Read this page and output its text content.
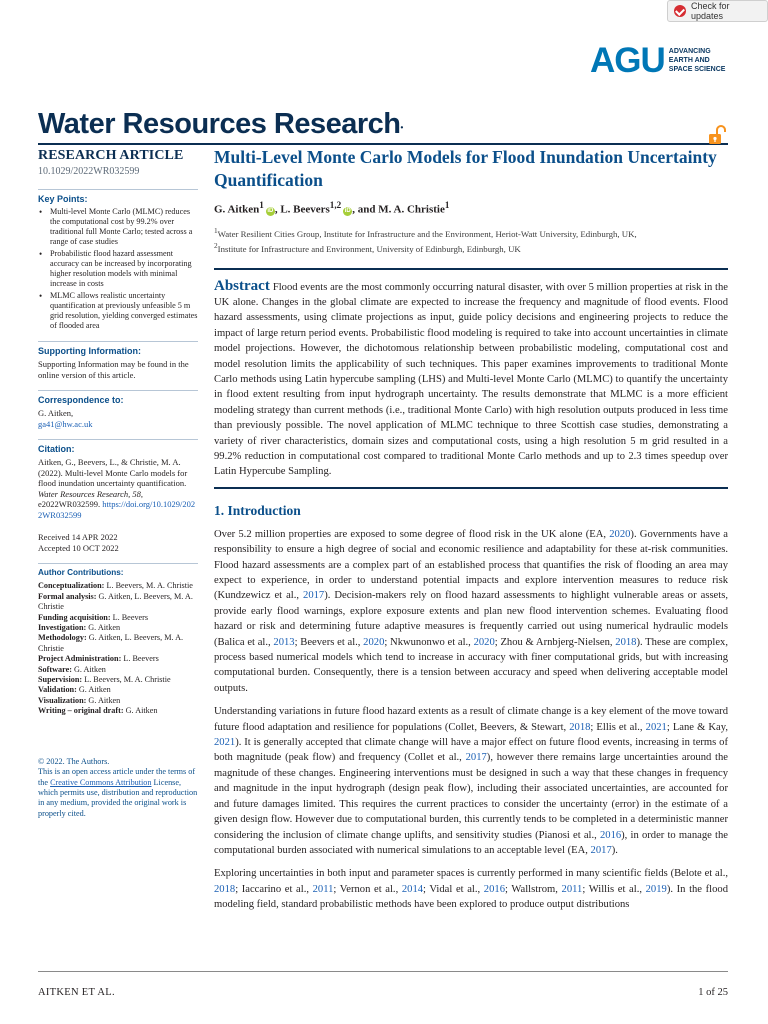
Check for updates
AGU ADVANCING
EARTH AND
SPACE SCIENCE
Water Resources Research•
RESEARCH ARTICLE
10.1029/2022WR032599
Key Points:
• Multi-level Monte Carlo (MLMC) reduces the computational cost by 99.2% over traditional full Monte Carlo; tested across a range of case studies
• Probabilistic flood hazard assessment accuracy can be increased by incorporating higher resolution models with minimal increase in costs
• MLMC allows realistic uncertainty quantification at previously unfeasible 5 m grid resolution, yielding converged estimates of flooded area
Supporting Information:
Supporting Information may be found in the online version of this article.
Correspondence to:
G. Aitken,
ga41@hw.ac.uk
Citation:
Aitken, G., Beevers, L., & Christie, M. A. (2022). Multi-level Monte Carlo models for flood inundation uncertainty quantification. Water Resources Research, 58, e2022WR032599. https://doi.org/10.1029/2022WR032599
Received 14 APR 2022
Accepted 10 OCT 2022
Author Contributions:
Conceptualization: L. Beevers, M. A. Christie
Formal analysis: G. Aitken, L. Beevers, M. A. Christie
Funding acquisition: L. Beevers
Investigation: G. Aitken
Methodology: G. Aitken, L. Beevers, M. A. Christie
Project Administration: L. Beevers
Software: G. Aitken
Supervision: L. Beevers, M. A. Christie
Validation: G. Aitken
Visualization: G. Aitken
Writing – original draft: G. Aitken
© 2022. The Authors.
This is an open access article under the terms of the Creative Commons Attribution License, which permits use, distribution and reproduction in any medium, provided the original work is properly cited.
Multi-Level Monte Carlo Models for Flood Inundation Uncertainty Quantification
G. Aitken$^1$iD , L. Beevers$^{1,2}$iD , and M. A. Christie$^1$
$^1$Water Resilient Cities Group, Institute for Infrastructure and the Environment, Heriot-Watt University, Edinburgh, UK,
$^2$Institute for Infrastructure and Environment, University of Edinburgh, Edinburgh, UK

Abstract Flood events are the most commonly occurring natural disaster, with over 5 million properties at risk in the UK alone. Changes in the global climate are expected to increase the frequency and magnitude of flood events. Flood hazard assessments, using climate projections as input, guide policy decisions and engineering projects to reduce the impact of large return period events. Probabilistic flood modeling is required to take into account uncertainties in climate model projections. However, the dichotomous relationship between probabilistic modeling, computational cost and model resolution limits the applicability of such techniques. This paper examines improvements to traditional Monte Carlo methods using Latin hypercube sampling (LHS) and Multi-level Monte Carlo (MLMC) to quantify the uncertainty in flood extent resulting from input hydrograph uncertainty. The results demonstrate that MLMC is a more efficient modeling strategy than current methods (i.e., traditional Monte Carlo) with high resolution outputs produced in less time than previously possible. The novel application of MLMC technique to three Scottish case studies, demonstrating a variety of river characteristics, domain sizes and computational costs, using a high resolution 5 m grid resulted in a 99.2% reduction in computational cost compared to traditional Monte Carlo methods and up to 2.3 times speedup over Latin Hypercube Sampling.

1. Introduction

Over 5.2 million properties are exposed to some degree of flood risk in the UK alone (EA, 2020). Governments have a responsibility to ensure a high degree of social and economic resilience and adaptability for these at-risk communities. Flood hazard assessments are a complex part of an established process that quantifies the risk of flooding an area may expect to experience, in order to understand potential impacts and explore intervention measures to reduce risk (Kundzewicz et al., 2017). Decision-makers rely on flood hazard assessments to highlight vulnerable areas or assets, provide early flood warnings, explore exposure extents and plan new flood intervention schemes. Evaluating flood hazard or risk and determining future adaptive measures is frequently carried out using numerical hydraulic models (Balica et al., 2013; Beevers et al., 2020; Nkwunonwo et al., 2020; Zhou & Arnbjerg-Nielsen, 2018). These are complex, process based numerical models which tend to increase in accuracy with finer computational grids, but with increasing computational burden. Consequently, there is a tension between accuracy and speed when delivering acceptable model outputs.

Understanding variations in future flood hazard extents as a result of climate change is a key element of the move toward future flood adaptation and resilience for populations (Collet, Beevers, & Stewart, 2018; Ellis et al., 2021; Lane & Kay, 2021). It is generally accepted that climate change will have a major effect on future flood events, increasing in terms of both magnitude (peak flow) and frequency (Collet et al., 2017), however there remains large uncertainties around the magnitude of these changes. Engineering interventions must be designed in such a way that these changes in frequency and magnitude in the input hydrograph (design peak flow), including their associated uncertainties, are accounted for and future damages limited. This requires the current practices to consider the uncertainty (error) in the estimate of a given design flow. However due to computational burden, this currently tends to be completed in a deterministic manner considering the inclusion of climate change uplifts, and sensitivity studies (Pianosi et al., 2016), in order to manage the computational burden associated with numerical simulations to an acceptable level (EA, 2017).

Exploring uncertainties in both input and parameter spaces is currently performed in many scientific fields (Belote et al., 2018; Iaccarino et al., 2011; Vernon et al., 2014; Vidal et al., 2016; Wallstrom, 2011; Willis et al., 2019). In the flood modeling field, standard probabilistic methods have been explored to produce output distributions

AITKEN ET AL.	1 of 25
